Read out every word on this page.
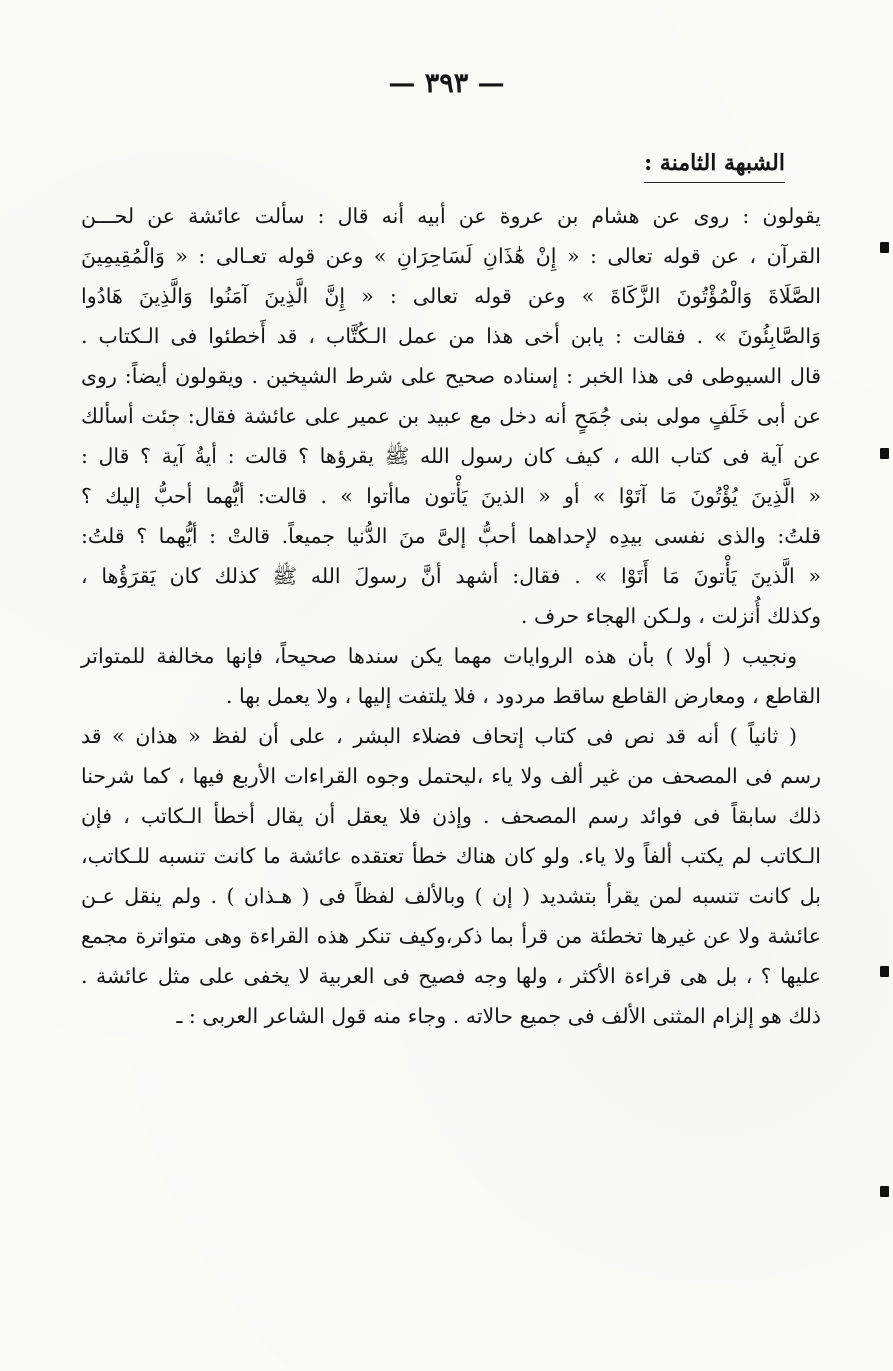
— ٣٩٣ —
الشبهة الثامنة :
يقولون : روى عن هشام بن عروة عن أبيه أنه قال : سألت عائشة عن لحـــن
القرآن ، عن قوله تعالى : « إِنْ هَٰذَانِ لَسَاحِرَانِ » وعن قوله تعـالى : « وَالْمُقِيمِينَ
الصَّلَاةَ وَالْمُؤْتُونَ الزَّكَاةَ » وعن قوله تعالى : « إِنَّ الَّذِينَ آمَنُوا وَالَّذِينَ هَادُوا
وَالصَّابِئُونَ » . فقالت : يابن أخى هذا من عمل الـكُتَّاب ، قد أَخطئوا فى الـكتاب .
قال السيوطى فى هذا الخبر : إسناده صحيح على شرط الشيخين . ويقولون أيضاً: روى
عن أبى خَلَفٍ مولى بنى جُمَحٍ أنه دخل مع عبيد بن عمير على عائشة فقال: جئت أسألك
عن آية فى كتاب الله ، كيف كان رسول الله ﷺ يقرؤها ؟ قالت : أيةُ آية ؟ قال :
« الَّذِينَ يُؤْتُونَ مَا آتَوْا » أو « الذينَ يَأْتون ماأتوا » . قالت: أيُّهما أحبُّ إليك ؟
قلتُ: والذى نفسى بيدِه لإحداهما أحبُّ إلىَّ منَ الدُّنيا جميعاً. قالتْ : أيُّهما ؟ قلتُ:
« الَّذينَ يَأْتونَ مَا أَتَوْا » . فقال: أشهد أنَّ رسولَ الله ﷺ كذلك كان يَقرَؤُها ،
وكذلك أُنزلت ، ولـكن الهجاء حرف .
ونجيب ( أولا ) بأن هذه الروايات مهما يكن سندها صحيحاً، فإنها مخالفة للمتواتر
القاطع ، ومعارض القاطع ساقط مردود ، فلا يلتفت إليها ، ولا يعمل بها .
( ثانياً ) أنه قد نص فى كتاب إتحاف فضلاء البشر ، على أن لفظ « هذان » قد
رسم فى المصحف من غير ألف ولا ياء ،ليحتمل وجوه القراءات الأربع فيها ، كما شرحنا
ذلك سابقاً فى فوائد رسم المصحف . وإذن فلا يعقل أن يقال أخطأ الـكاتب ، فإن
الـكاتب لم يكتب ألفاً ولا ياء. ولو كان هناك خطأ تعتقده عائشة ما كانت تنسبه للـكاتب،
بل كانت تنسبه لمن يقرأ بتشديد ( إن ) وبالألف لفظاً فى ( هـذان ) . ولم ينقل عـن
عائشة ولا عن غيرها تخطئة من قرأ بما ذكر،وكيف تنكر هذه القراءة وهى متواترة مجمع
عليها ؟ ، بل هى قراءة الأكثر ، ولها وجه فصيح فى العربية لا يخفى على مثل عائشة .
ذلك هو إلزام المثنى الألف فى جميع حالاته . وجاء منه قول الشاعر العربى : ـ
